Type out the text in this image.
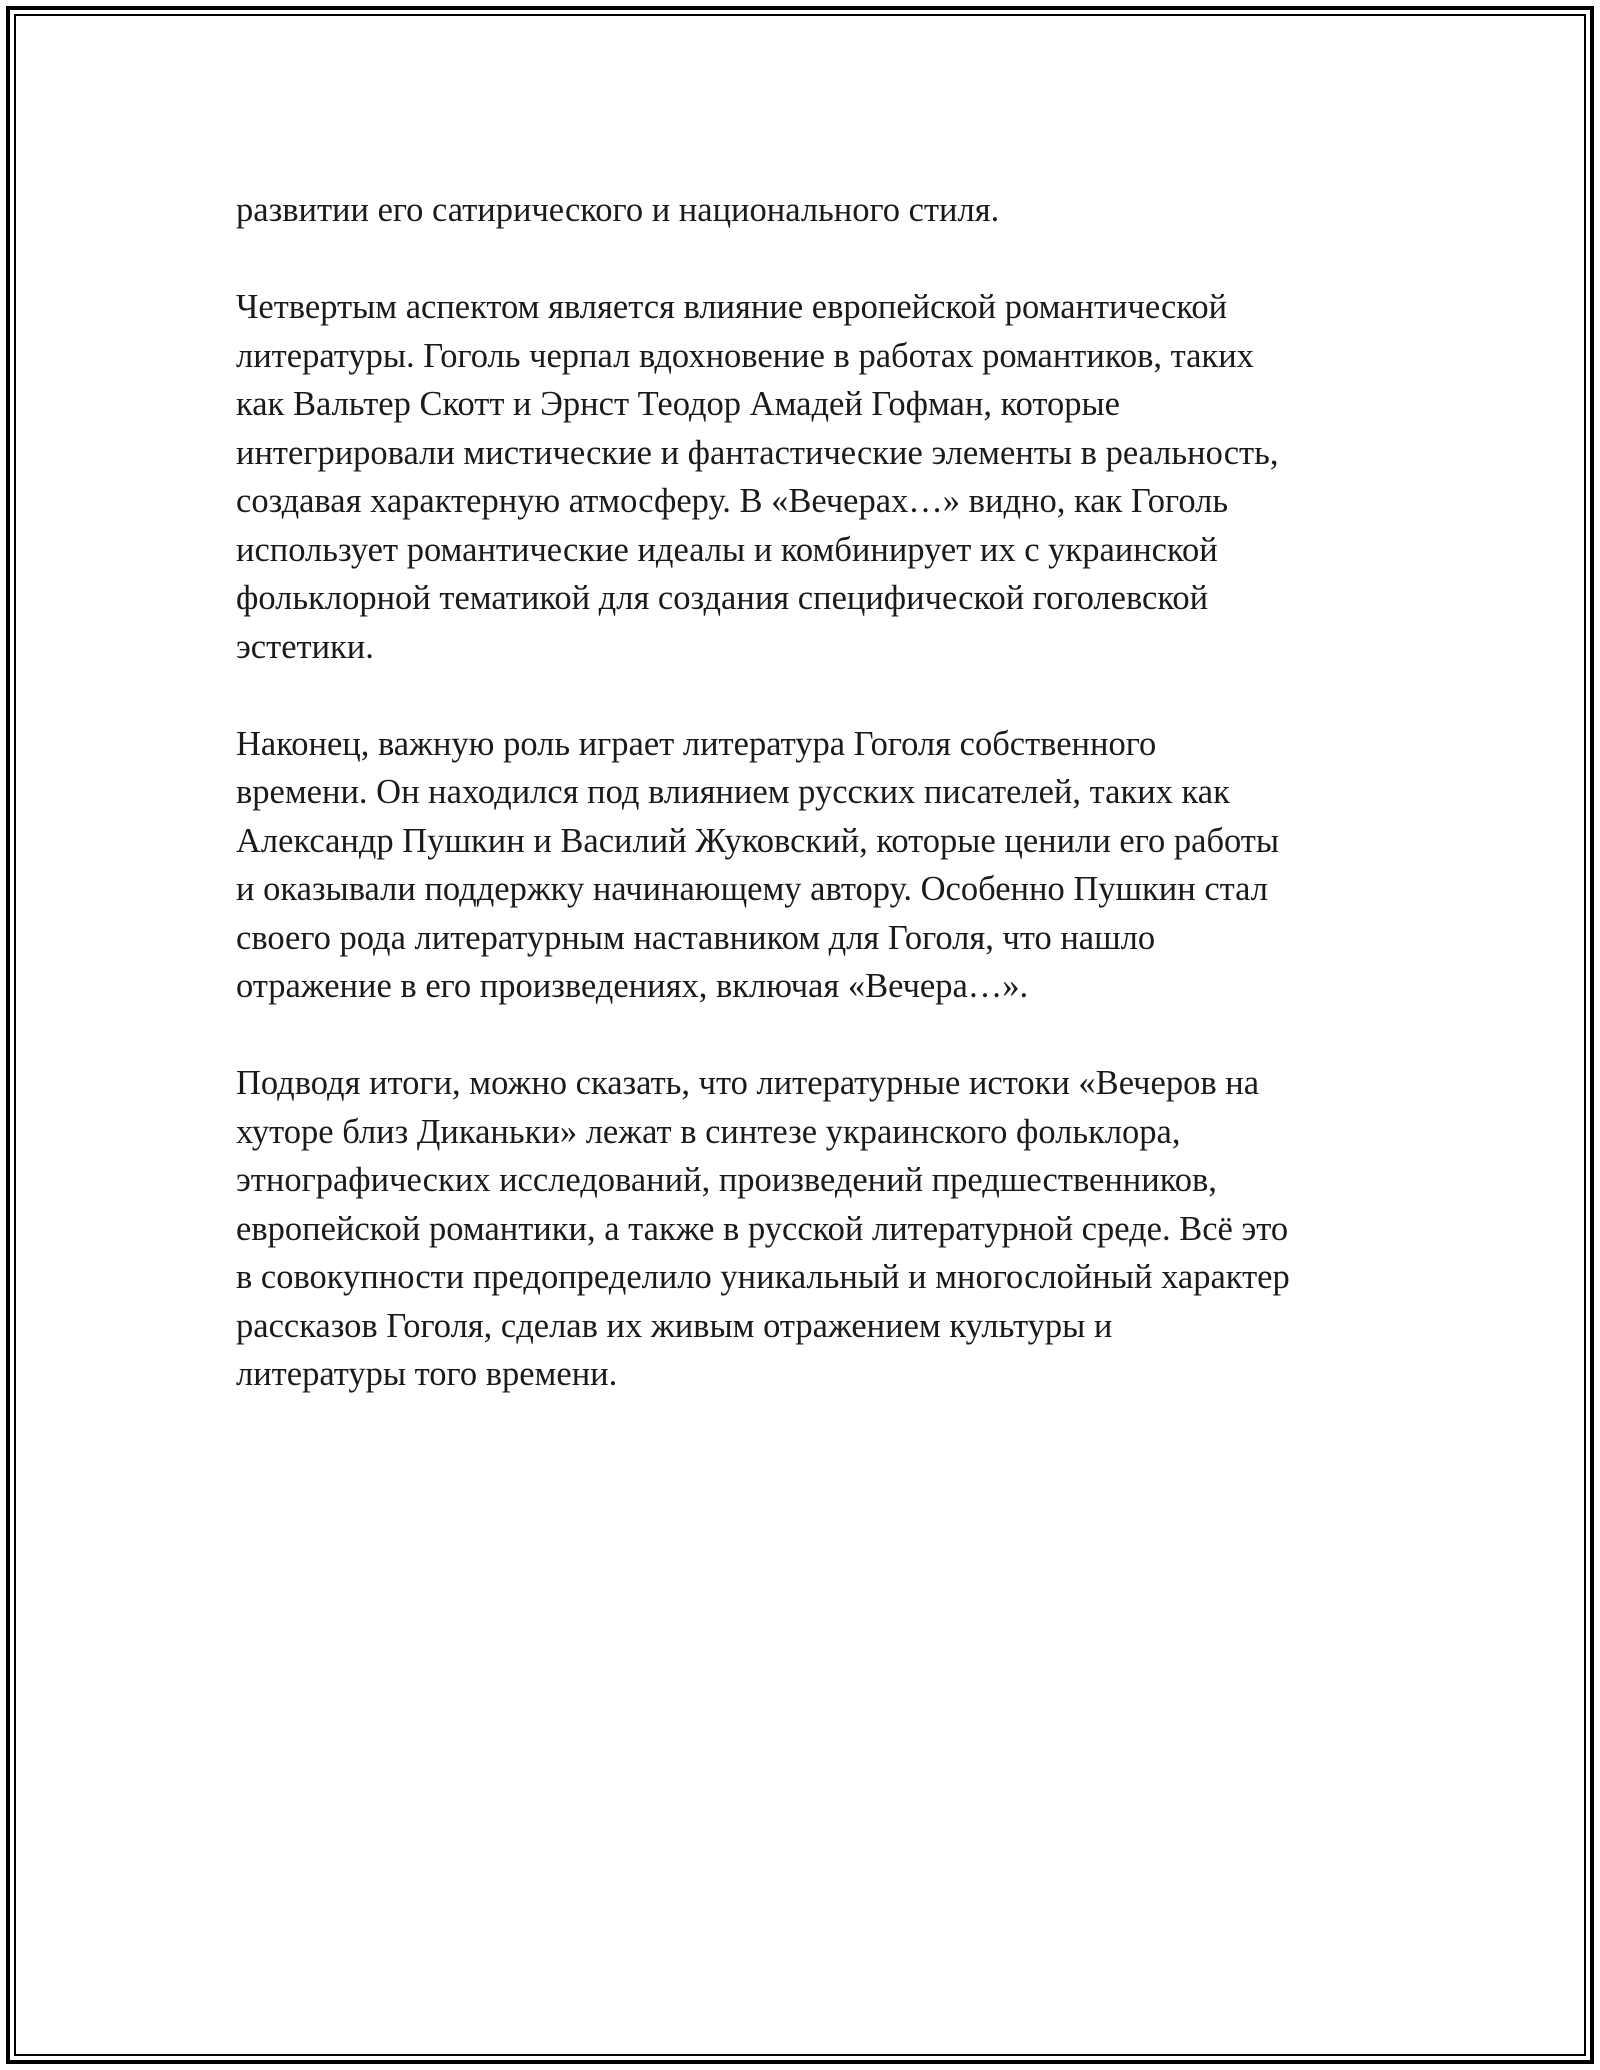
развитии его сатирического и национального стиля.

Четвертым аспектом является влияние европейской романтической
литературы. Гоголь черпал вдохновение в работах романтиков, таких
как Вальтер Скотт и Эрнст Теодор Амадей Гофман, которые
интегрировали мистические и фантастические элементы в реальность,
создавая характерную атмосферу. В «Вечерах…» видно, как Гоголь
использует романтические идеалы и комбинирует их с украинской
фольклорной тематикой для создания специфической гоголевской
эстетики.

Наконец, важную роль играет литература Гоголя собственного
времени. Он находился под влиянием русских писателей, таких как
Александр Пушкин и Василий Жуковский, которые ценили его работы
и оказывали поддержку начинающему автору. Особенно Пушкин стал
своего рода литературным наставником для Гоголя, что нашло
отражение в его произведениях, включая «Вечера…».

Подводя итоги, можно сказать, что литературные истоки «Вечеров на
хуторе близ Диканьки» лежат в синтезе украинского фольклора,
этнографических исследований, произведений предшественников,
европейской романтики, а также в русской литературной среде. Всё это
в совокупности предопределило уникальный и многослойный характер
рассказов Гоголя, сделав их живым отражением культуры и
литературы того времени.
